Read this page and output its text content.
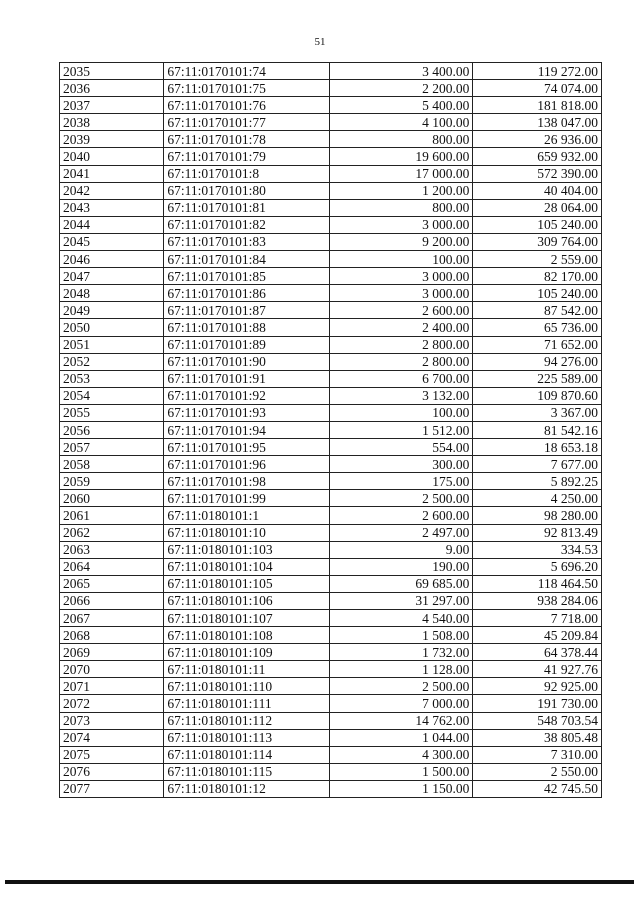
51
2035	67:11:0170101:74	3 400.00	119 272.00
2036	67:11:0170101:75	2 200.00	74 074.00
2037	67:11:0170101:76	5 400.00	181 818.00
2038	67:11:0170101:77	4 100.00	138 047.00
2039	67:11:0170101:78	800.00	26 936.00
2040	67:11:0170101:79	19 600.00	659 932.00
2041	67:11:0170101:8	17 000.00	572 390.00
2042	67:11:0170101:80	1 200.00	40 404.00
2043	67:11:0170101:81	800.00	28 064.00
2044	67:11:0170101:82	3 000.00	105 240.00
2045	67:11:0170101:83	9 200.00	309 764.00
2046	67:11:0170101:84	100.00	2 559.00
2047	67:11:0170101:85	3 000.00	82 170.00
2048	67:11:0170101:86	3 000.00	105 240.00
2049	67:11:0170101:87	2 600.00	87 542.00
2050	67:11:0170101:88	2 400.00	65 736.00
2051	67:11:0170101:89	2 800.00	71 652.00
2052	67:11:0170101:90	2 800.00	94 276.00
2053	67:11:0170101:91	6 700.00	225 589.00
2054	67:11:0170101:92	3 132.00	109 870.60
2055	67:11:0170101:93	100.00	3 367.00
2056	67:11:0170101:94	1 512.00	81 542.16
2057	67:11:0170101:95	554.00	18 653.18
2058	67:11:0170101:96	300.00	7 677.00
2059	67:11:0170101:98	175.00	5 892.25
2060	67:11:0170101:99	2 500.00	4 250.00
2061	67:11:0180101:1	2 600.00	98 280.00
2062	67:11:0180101:10	2 497.00	92 813.49
2063	67:11:0180101:103	9.00	334.53
2064	67:11:0180101:104	190.00	5 696.20
2065	67:11:0180101:105	69 685.00	118 464.50
2066	67:11:0180101:106	31 297.00	938 284.06
2067	67:11:0180101:107	4 540.00	7 718.00
2068	67:11:0180101:108	1 508.00	45 209.84
2069	67:11:0180101:109	1 732.00	64 378.44
2070	67:11:0180101:11	1 128.00	41 927.76
2071	67:11:0180101:110	2 500.00	92 925.00
2072	67:11:0180101:111	7 000.00	191 730.00
2073	67:11:0180101:112	14 762.00	548 703.54
2074	67:11:0180101:113	1 044.00	38 805.48
2075	67:11:0180101:114	4 300.00	7 310.00
2076	67:11:0180101:115	1 500.00	2 550.00
2077	67:11:0180101:12	1 150.00	42 745.50
